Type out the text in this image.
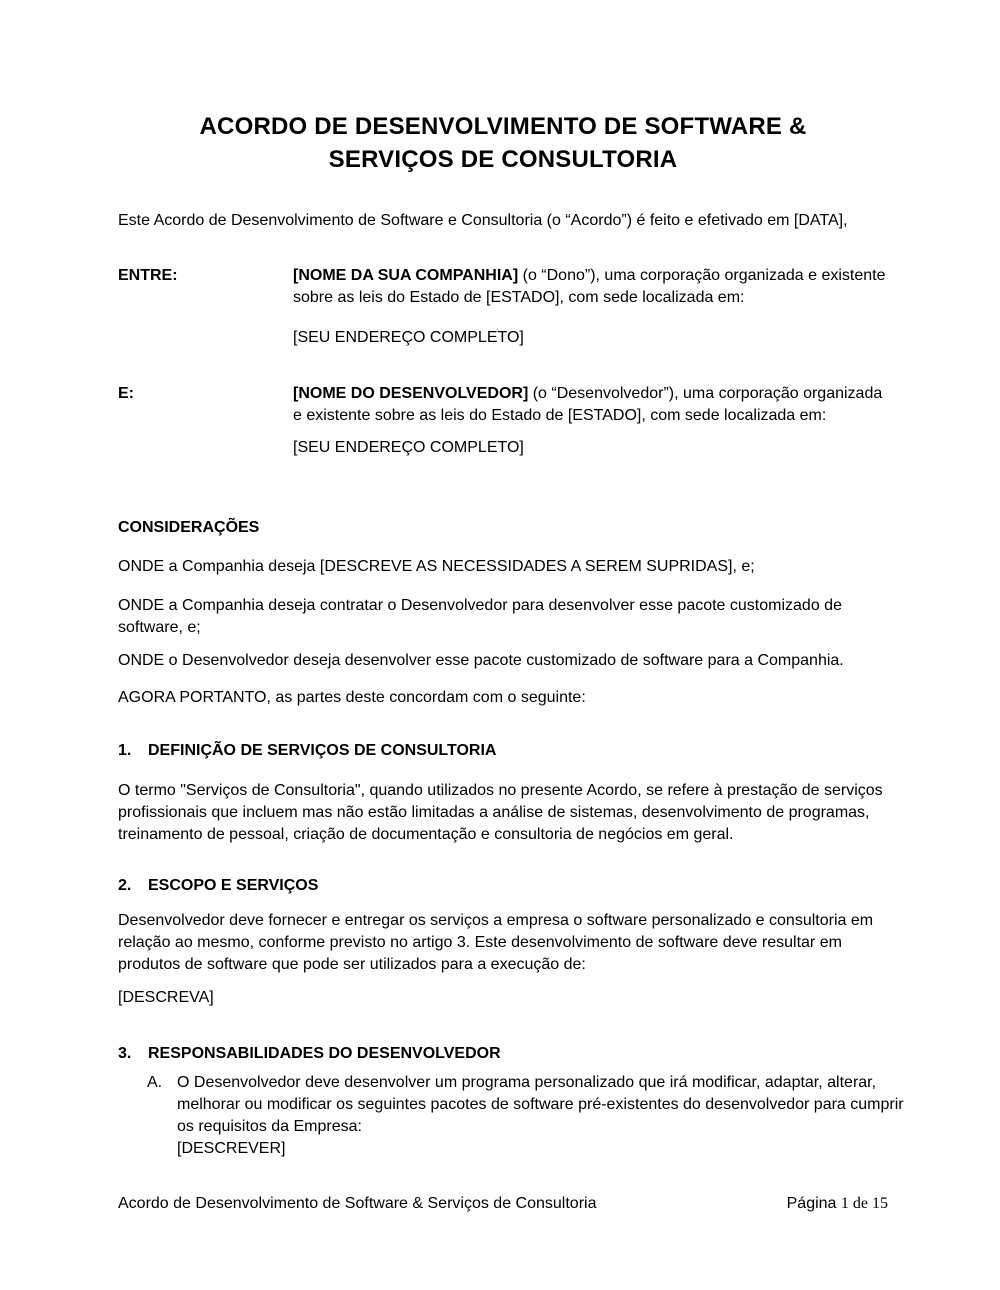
ACORDO DE DESENVOLVIMENTO DE SOFTWARE &
SERVIÇOS DE CONSULTORIA
Este Acordo de Desenvolvimento de Software e Consultoria (o “Acordo”) é feito e efetivado em [DATA],
ENTRE:	[NOME DA SUA COMPANHIA] (o “Dono”), uma corporação organizada e existente sobre as leis do Estado de [ESTADO], com sede localizada em:
[SEU ENDEREÇO COMPLETO]
E:	[NOME DO DESENVOLVEDOR] (o “Desenvolvedor”), uma corporação organizada e existente sobre as leis do Estado de [ESTADO], com sede localizada em:
[SEU ENDEREÇO COMPLETO]
CONSIDERAÇÕES
ONDE a Companhia deseja [DESCREVE AS NECESSIDADES A SEREM SUPRIDAS], e;
ONDE a Companhia deseja contratar o Desenvolvedor para desenvolver esse pacote customizado de software, e;
ONDE o Desenvolvedor deseja desenvolver esse pacote customizado de software para a Companhia.
AGORA PORTANTO, as partes deste concordam com o seguinte:
1.	DEFINIÇÃO DE SERVIÇOS DE CONSULTORIA
O termo "Serviços de Consultoria", quando utilizados no presente Acordo, se refere à prestação de serviços profissionais que incluem mas não estão limitadas a análise de sistemas, desenvolvimento de programas, treinamento de pessoal, criação de documentação e consultoria de negócios em geral.
2.	ESCOPO E SERVIÇOS
Desenvolvedor deve fornecer e entregar os serviços a empresa o software personalizado e consultoria em relação ao mesmo, conforme previsto no artigo 3. Este desenvolvimento de software deve resultar em produtos de software que pode ser utilizados para a execução de:
[DESCREVA]
3.	RESPONSABILIDADES DO DESENVOLVEDOR
A. O Desenvolvedor deve desenvolver um programa personalizado que irá modificar, adaptar, alterar, melhorar ou modificar os seguintes pacotes de software pré-existentes do desenvolvedor para cumprir os requisitos da Empresa:
[DESCREVER]
Acordo de Desenvolvimento de Software & Serviços de Consultoria	Página 1 de 15
